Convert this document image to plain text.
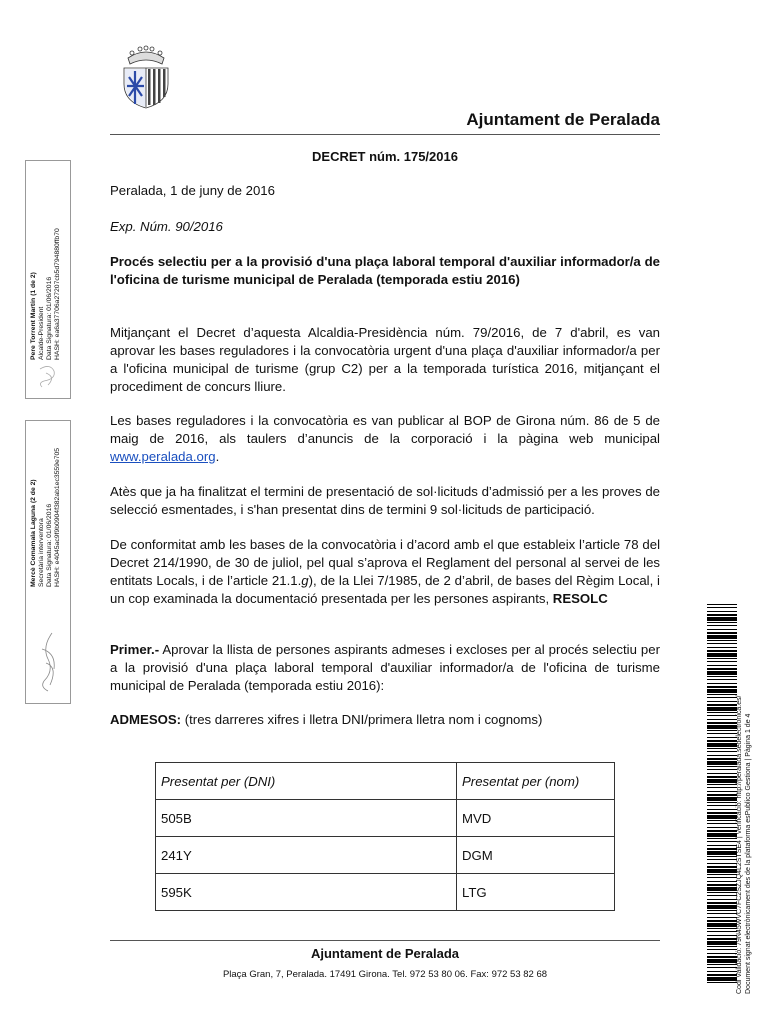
Ajuntament de Peralada
DECRET núm. 175/2016

Peralada, 1 de juny de 2016

Exp. Núm. 90/2016

Procés selectiu per a la provisió d'una plaça laboral temporal d'auxiliar informador/a de l'oficina de turisme municipal de Peralada (temporada estiu 2016)

Mitjançant el Decret d’aquesta Alcaldia-Presidència núm. 79/2016, de 7 d'abril, es van aprovar les bases reguladores i la convocatòria urgent d'una plaça d'auxiliar informador/a per a l'oficina municipal de turisme (grup C2) per a la temporada turística 2016, mitjançant el procediment de concurs lliure.

Les bases reguladores i la convocatòria es van publicar al BOP de Girona núm. 86 de 5 de maig de 2016, als taulers d’anuncis de la corporació i la pàgina web municipal www.peralada.org.

Atès que ja ha finalitzat el termini de presentació de sol·licituds d’admissió per a les proves de selecció esmentades, i s'han presentat dins de termini 9 sol·licituds de participació.

De conformitat amb les bases de la convocatòria i d’acord amb el que estableix l’article 78 del Decret 214/1990, de 30 de juliol, pel qual s’aprova el Reglament del personal al servei de les entitats Locals, i de l’article 21.1.g), de la Llei 7/1985, de 2 d’abril, de bases del Règim Local, i un cop examinada la documentació presentada per les persones aspirants, RESOLC

Primer.- Aprovar la llista de persones aspirants admeses i excloses per al procés selectiu per a la provisió d'una plaça laboral temporal d'auxiliar informador/a de l'oficina de turisme municipal de Peralada (temporada estiu 2016):

ADMESOS: (tres darreres xifres i lletra DNI/primera lletra nom i cognoms)

Presentat per (DNI)	Presentat per (nom)
505B	MVD
241Y	DGM
595K	LTG
Ajuntament de Peralada
Plaça Gran, 7, Peralada. 17491 Girona. Tel. 972 53 80 06. Fax: 972 53 82 68
Pere Torrent Martín (1 de 2) Alcalde-President Data Signatura: 01/06/2016 HASH: ea6a37706a27207cb5d794880ffb70
Mercè Comamala Laguna (2 de 2) Secretària interventora Data Signatura: 01/06/2016 HASH: e4045ac9f9b0904f382ab1ec3559e705
Codi Validació: 79N45WVC7FC2SZJQ4L2STSE4 | Verificació: http://peralada.sedelectronica.es/ Document signat electrònicament des de la plataforma esPublico Gestiona | Pàgina 1 de 4
